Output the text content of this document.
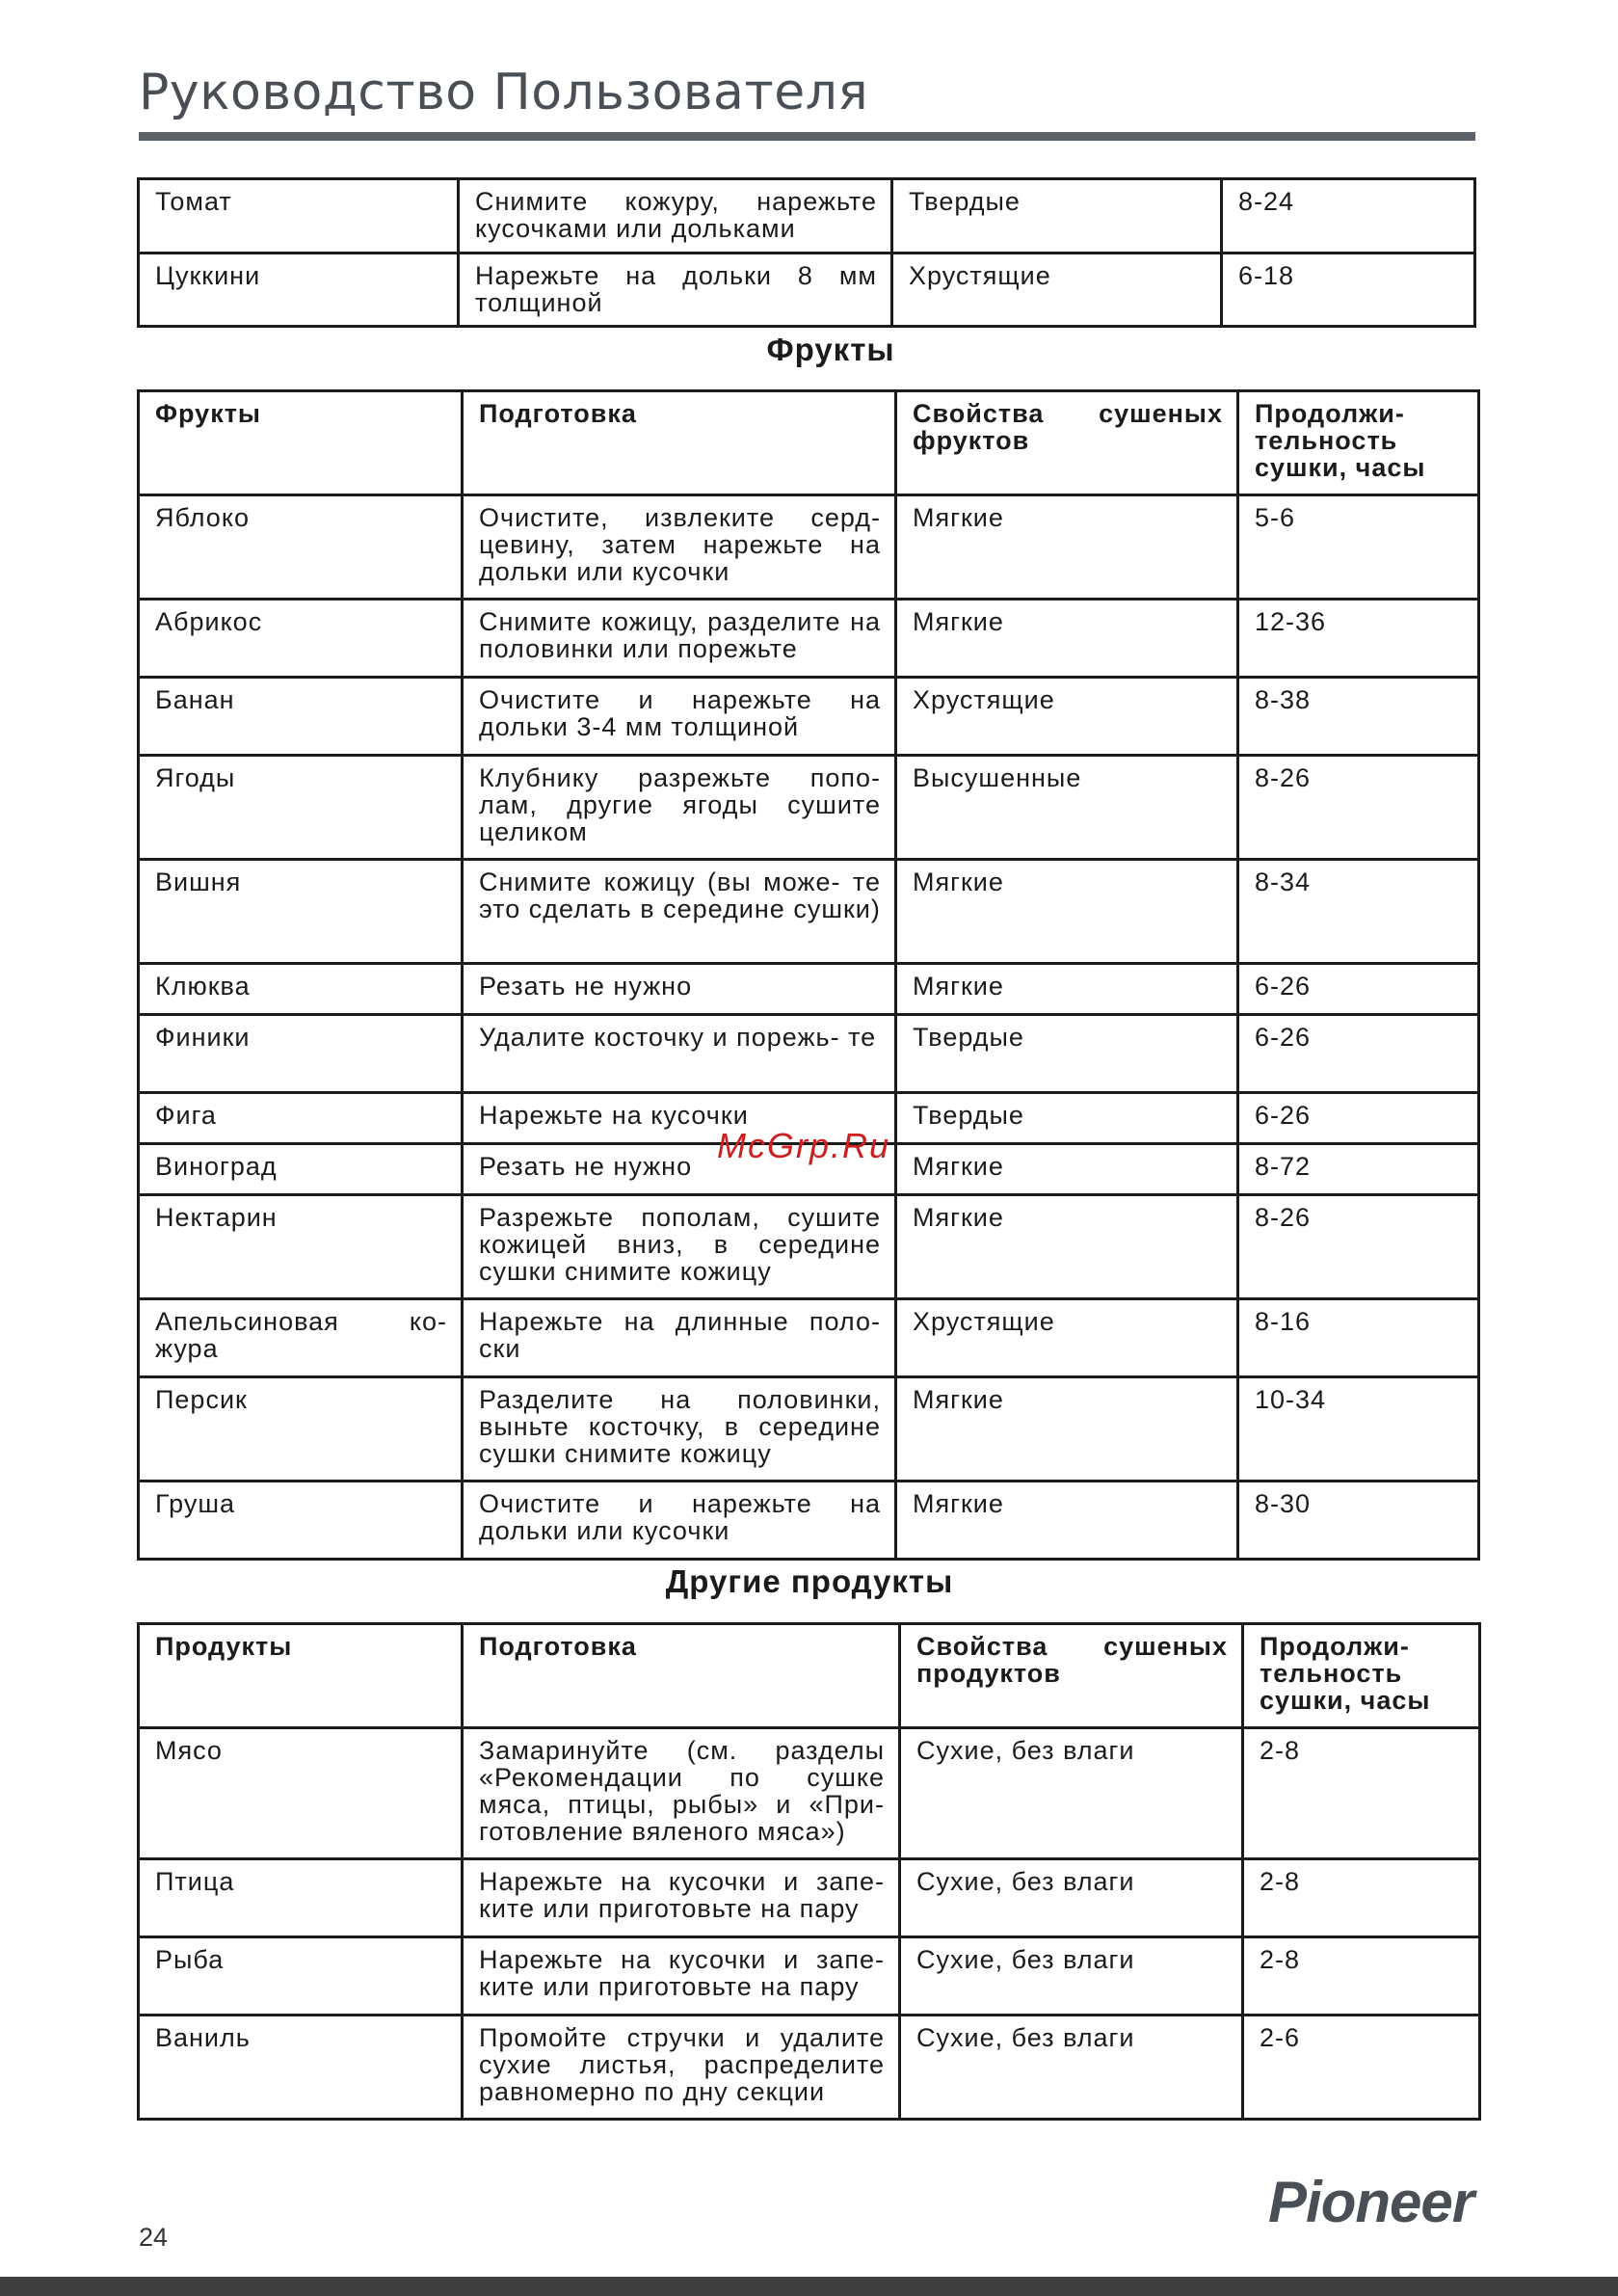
Руководство Пользователя
Томат	Снимите кожуру, нарежьте кусочками или дольками	Твердые	8-24
Цуккини	Нарежьте на дольки 8 мм толщиной	Хрустящие	6-18
Фрукты
Фрукты	Подготовка	Свойства сушеных фруктов	Продолжи- тельность сушки, часы
Яблоко	Очистите, извлеките серд- цевину, затем нарежьте на дольки или кусочки	Мягкие	5-6
Абрикос	Снимите кожицу, разделите на половинки или порежьте	Мягкие	12-36
Банан	Очистите и нарежьте на дольки 3-4 мм толщиной	Хрустящие	8-38
Ягоды	Клубнику разрежьте попо- лам, другие ягоды сушите целиком	Высушенные	8-26
Вишня	Снимите кожицу (вы може- те это сделать в середине сушки)	Мягкие	8-34
Клюква	Резать не нужно	Мягкие	6-26
Финики	Удалите косточку и порежь- те	Твердые	6-26
Фига	Нарежьте на кусочки	Твердые	6-26
Виноград	Резать не нужно	Мягкие	8-72
Нектарин	Разрежьте пополам, сушите кожицей вниз, в середине сушки снимите кожицу	Мягкие	8-26
Апельсиновая ко- жура	Нарежьте на длинные поло- ски	Хрустящие	8-16
Персик	Разделите на половинки, выньте косточку, в середине сушки снимите кожицу	Мягкие	10-34
Груша	Очистите и нарежьте на дольки или кусочки	Мягкие	8-30
Другие продукты
Продукты	Подготовка	Свойства сушеных продуктов	Продолжи- тельность сушки, часы
Мясо	Замаринуйте (см. разделы «Рекомендации по сушке мяса, птицы, рыбы» и «При- готовление вяленого мяса»)	Сухие, без влаги	2-8
Птица	Нарежьте на кусочки и запе- ките или приготовьте на пару	Сухие, без влаги	2-8
Рыба	Нарежьте на кусочки и запе- ките или приготовьте на пару	Сухие, без влаги	2-8
Ваниль	Промойте стручки и удалите сухие листья, распределите равномерно по дну секции	Сухие, без влаги	2-6
McGrp.Ru
24
Pioneer
